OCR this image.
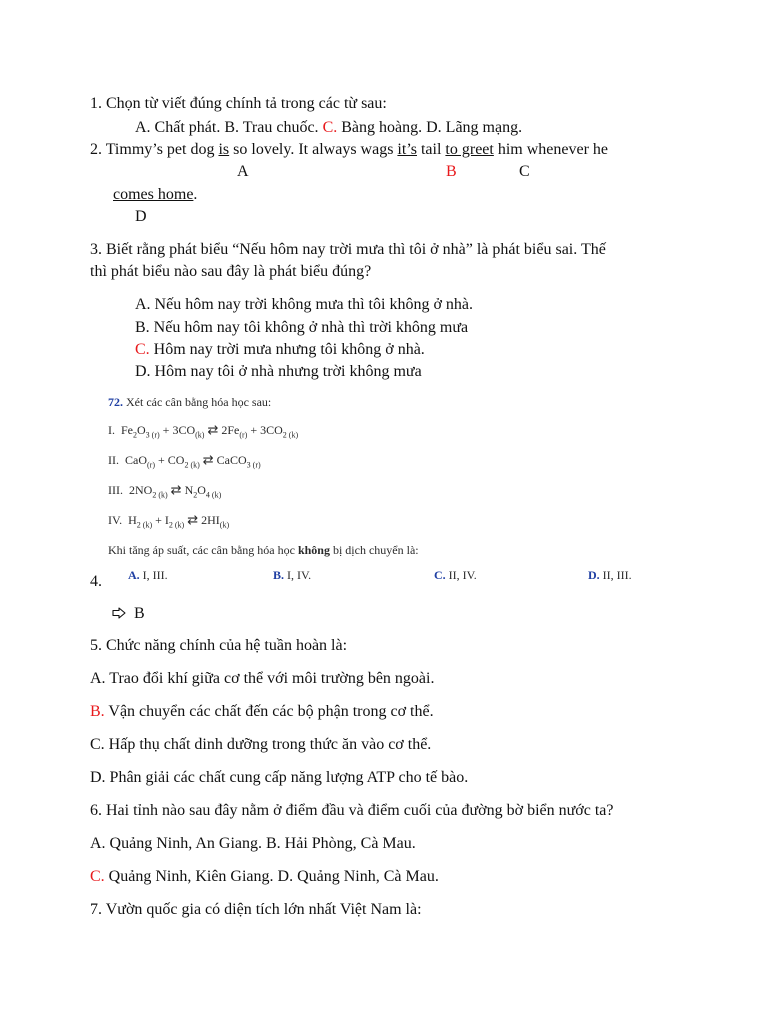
1. Chọn từ viết đúng chính tả trong các từ sau:
A. Chất phát. B. Trau chuốc. C. Bàng hoàng. D. Lãng mạng.
2. Timmy’s pet dog is so lovely. It always wags it’s tail to greet him whenever he
A	B	C
comes home.
D
3. Biết rằng phát biểu “Nếu hôm nay trời mưa thì tôi ở nhà” là phát biểu sai. Thế
thì phát biểu nào sau đây là phát biểu đúng?
A. Nếu hôm nay trời không mưa thì tôi không ở nhà.
B. Nếu hôm nay tôi không ở nhà thì trời không mưa
C. Hôm nay trời mưa nhưng tôi không ở nhà.
D. Hôm nay tôi ở nhà nhưng trời không mưa
72. Xét các cân bằng hóa học sau:
I.  $Fe_2O_{3 (r)} + 3CO_{(k)}$ ⇄ $2Fe_{(r)} + 3CO_{2 (k)}$
II.  $CaO_{(r)} + CO_{2 (k)}$ ⇄ CaCO$_{3 (r)}$
III.  $2NO_{2 (k)}$ ⇄ $N_2O_{4 (k)}$
IV.  $H_{2 (k)} + I_{2 (k)}$ ⇄ $2HI_{(k)}$
Khi tăng áp suất, các cân bằng hóa học không bị dịch chuyển là:
A. I, III.	B. I, IV.	C. II, IV.	D. II, III.
4.
B
5. Chức năng chính của hệ tuần hoàn là:
A. Trao đổi khí giữa cơ thể với môi trường bên ngoài.
B. Vận chuyển các chất đến các bộ phận trong cơ thể.
C. Hấp thụ chất dinh dưỡng trong thức ăn vào cơ thể.
D. Phân giải các chất cung cấp năng lượng ATP cho tế bào.
6. Hai tỉnh nào sau đây nằm ở điểm đầu và điểm cuối của đường bờ biển nước ta?
A. Quảng Ninh, An Giang. B. Hải Phòng, Cà Mau.
C. Quảng Ninh, Kiên Giang. D. Quảng Ninh, Cà Mau.
7. Vườn quốc gia có diện tích lớn nhất Việt Nam là:
